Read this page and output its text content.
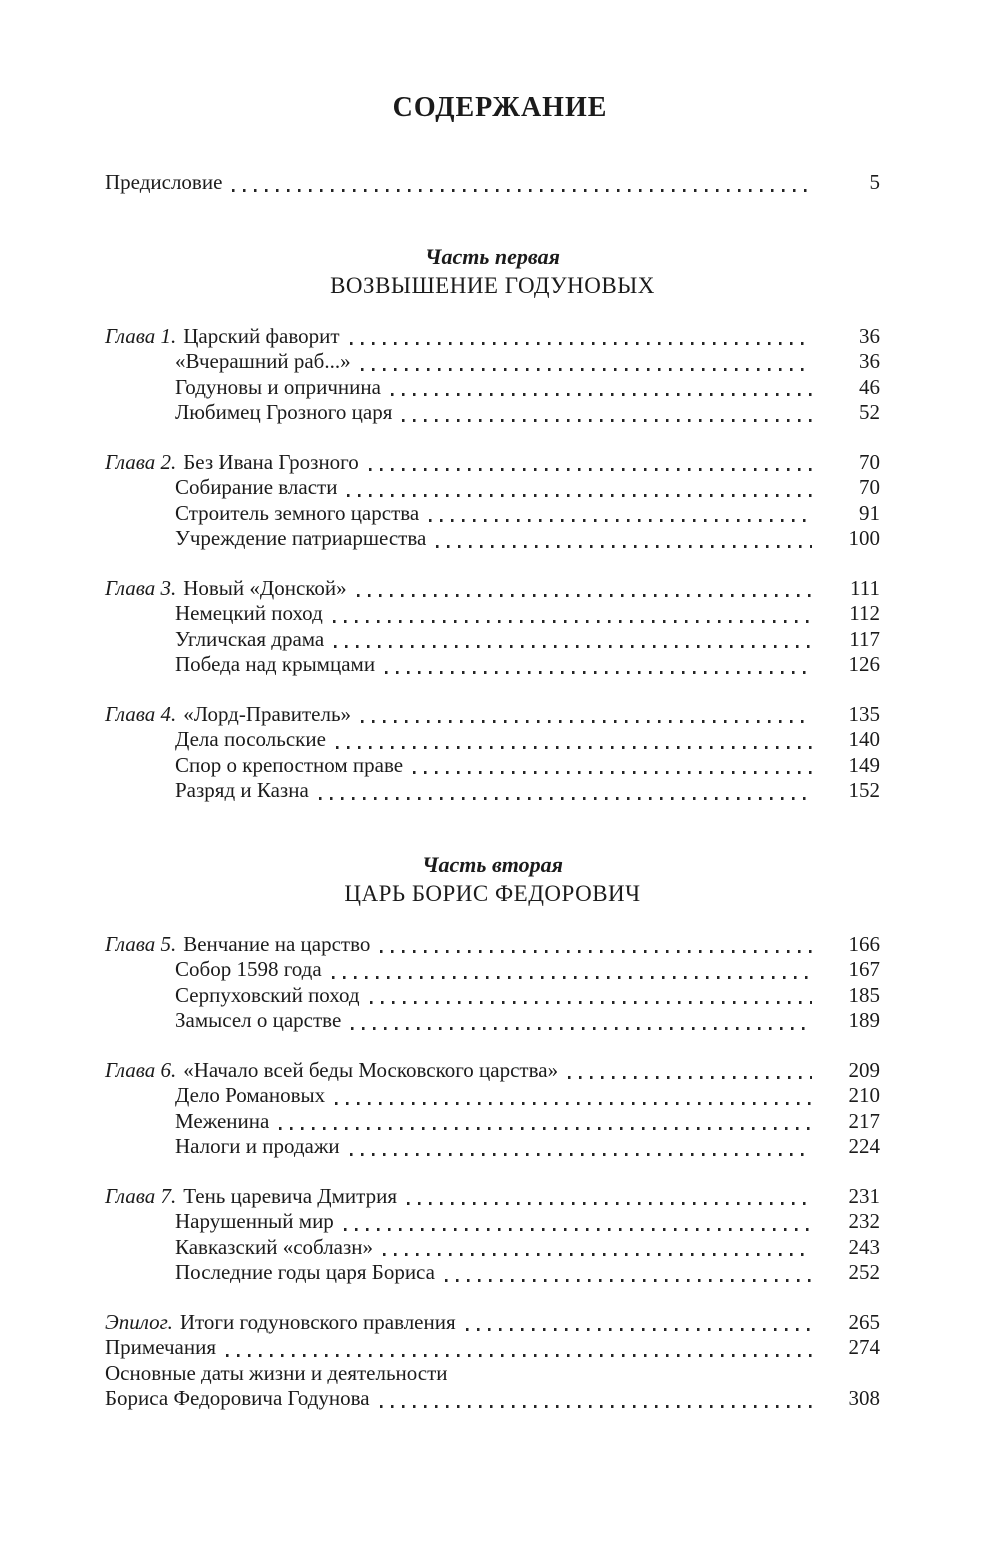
СОДЕРЖАНИЕ
Предисловие	5
Часть первая
ВОЗВЫШЕНИЕ ГОДУНОВЫХ
Глава 1. Царский фаворит	36
«Вчерашний раб...»	36
Годуновы и опричнина	46
Любимец Грозного царя	52
Глава 2. Без Ивана Грозного	70
Собирание власти	70
Строитель земного царства	91
Учреждение патриаршества	100
Глава 3. Новый «Донской»	111
Немецкий поход	112
Угличская драма	117
Победа над крымцами	126
Глава 4. «Лорд-Правитель»	135
Дела посольские	140
Спор о крепостном праве	149
Разряд и Казна	152
Часть вторая
ЦАРЬ БОРИС ФЕДОРОВИЧ
Глава 5. Венчание на царство	166
Собор 1598 года	167
Серпуховский поход	185
Замысел о царстве	189
Глава 6. «Начало всей беды Московского царства»	209
Дело Романовых	210
Меженина	217
Налоги и продажи	224
Глава 7. Тень царевича Дмитрия	231
Нарушенный мир	232
Кавказский «соблазн»	243
Последние годы царя Бориса	252
Эпилог. Итоги годуновского правления	265
Примечания	274
Основные даты жизни и деятельности
Бориса Федоровича Годунова	308
